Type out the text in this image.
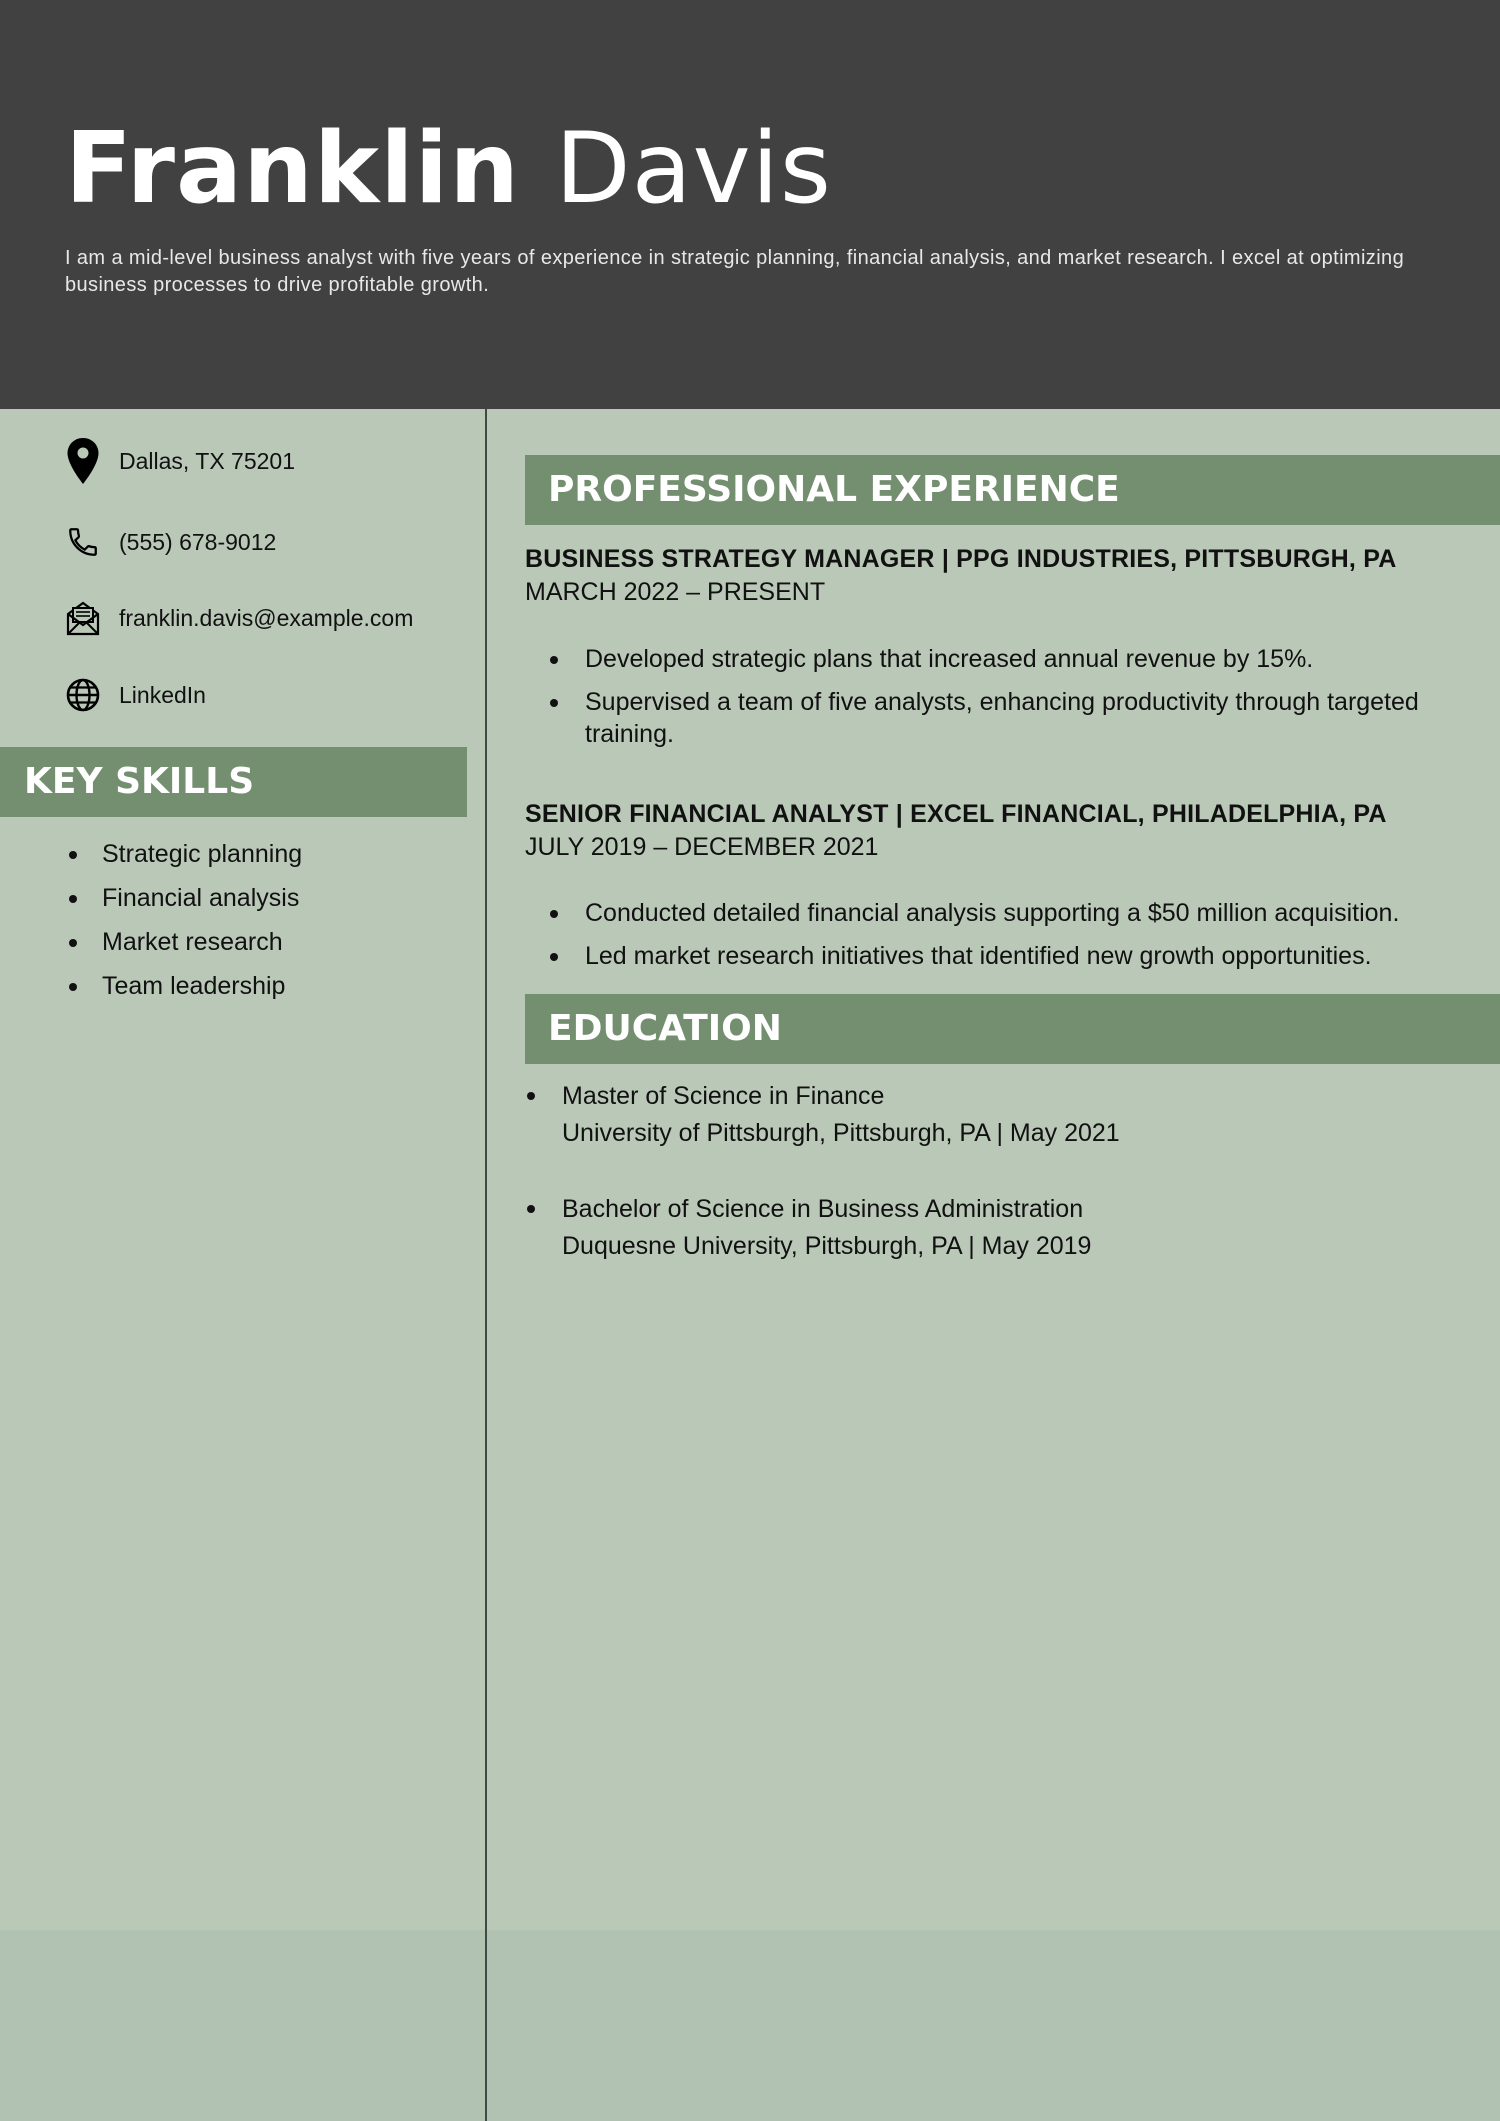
Franklin Davis

I am a mid-level business analyst with five years of experience in strategic planning, financial analysis, and market research. I excel at optimizing business processes to drive profitable growth.

Dallas, TX 75201
(555) 678-9012
franklin.davis@example.com
LinkedIn
KEY SKILLS
Strategic planning
Financial analysis
Market research
Team leadership
PROFESSIONAL EXPERIENCE

BUSINESS STRATEGY MANAGER | PPG INDUSTRIES, PITTSBURGH, PA

MARCH 2022 – PRESENT

Developed strategic plans that increased annual revenue by 15%.
Supervised a team of five analysts, enhancing productivity through targeted training.

SENIOR FINANCIAL ANALYST | EXCEL FINANCIAL, PHILADELPHIA, PA

JULY 2019 – DECEMBER 2021

Conducted detailed financial analysis supporting a $50 million acquisition.
Led market research initiatives that identified new growth opportunities.
EDUCATION

Master of Science in Finance

University of Pittsburgh, Pittsburgh, PA | May 2021

Bachelor of Science in Business Administration

Duquesne University, Pittsburgh, PA | May 2019
